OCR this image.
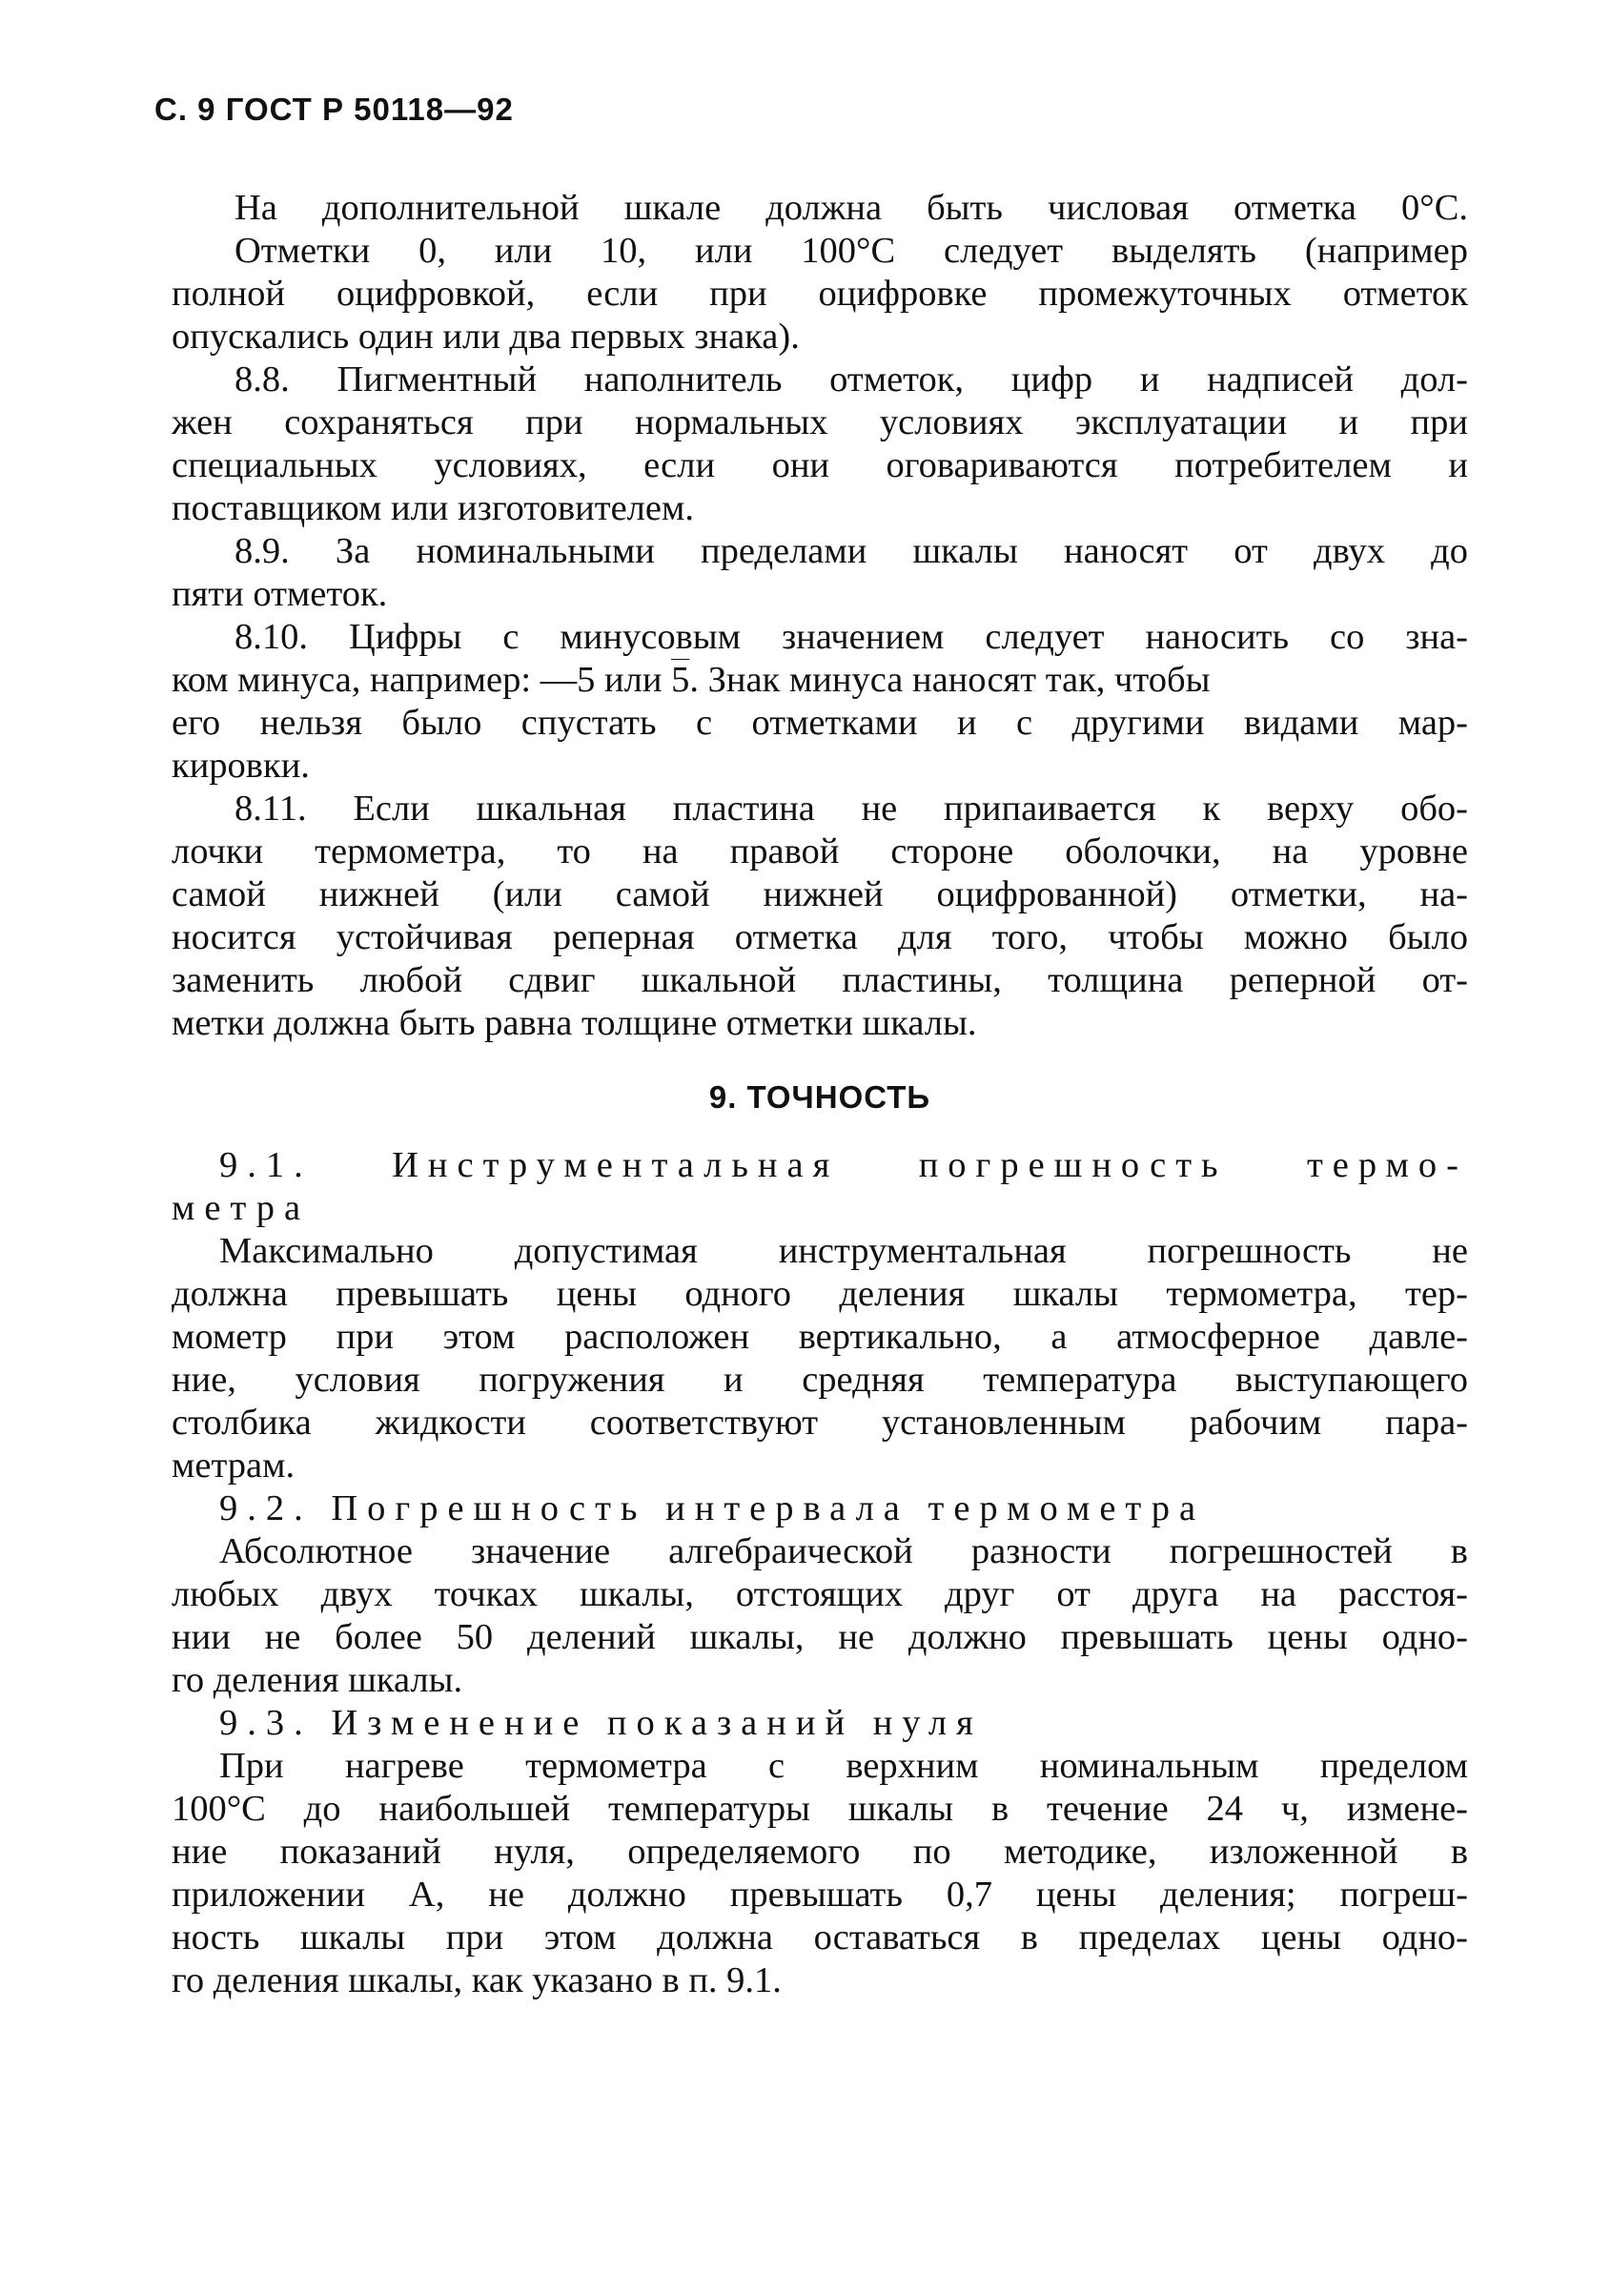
С. 9 ГОСТ Р 50118—92
На дополнительной шкале должна быть числовая отметка 0°С.
Отметки 0, или 10, или 100°С следует выделять (например
полной оцифровкой, если при оцифровке промежуточных отметок
опускались один или два первых знака).
8.8. Пигментный наполнитель отметок, цифр и надписей дол-
жен сохраняться при нормальных условиях эксплуатации и при
специальных условиях, если они оговариваются потребителем и
поставщиком или изготовителем.
8.9. За номинальными пределами шкалы наносят от двух до
пяти отметок.
8.10. Цифры с минусовым значением следует наносить со зна-
ком минуса, например: —5 или 5. Знак минуса наносят так, чтобы
его нельзя было спустать с отметками и с другими видами мар-
кировки.
8.11. Если шкальная пластина не припаивается к верху обо-
лочки термометра, то на правой стороне оболочки, на уровне
самой нижней (или самой нижней оцифрованной) отметки, на-
носится устойчивая реперная отметка для того, чтобы можно было
заменить любой сдвиг шкальной пластины, толщина реперной от-
метки должна быть равна толщине отметки шкалы.
9. ТОЧНОСТЬ
9.1. Инструментальная погрешность термо-
метра
Максимально допустимая инструментальная погрешность не
должна превышать цены одного деления шкалы термометра, тер-
мометр при этом расположен вертикально, а атмосферное давле-
ние, условия погружения и средняя температура выступающего
столбика жидкости соответствуют установленным рабочим пара-
метрам.
9.2. Погрешность интервала термометра
Абсолютное значение алгебраической разности погрешностей в
любых двух точках шкалы, отстоящих друг от друга на расстоя-
нии не более 50 делений шкалы, не должно превышать цены одно-
го деления шкалы.
9.3. Изменение показаний нуля
При нагреве термометра с верхним номинальным пределом
100°С до наибольшей температуры шкалы в течение 24 ч, измене-
ние показаний нуля, определяемого по методике, изложенной в
приложении А, не должно превышать 0,7 цены деления; погреш-
ность шкалы при этом должна оставаться в пределах цены одно-
го деления шкалы, как указано в п. 9.1.
